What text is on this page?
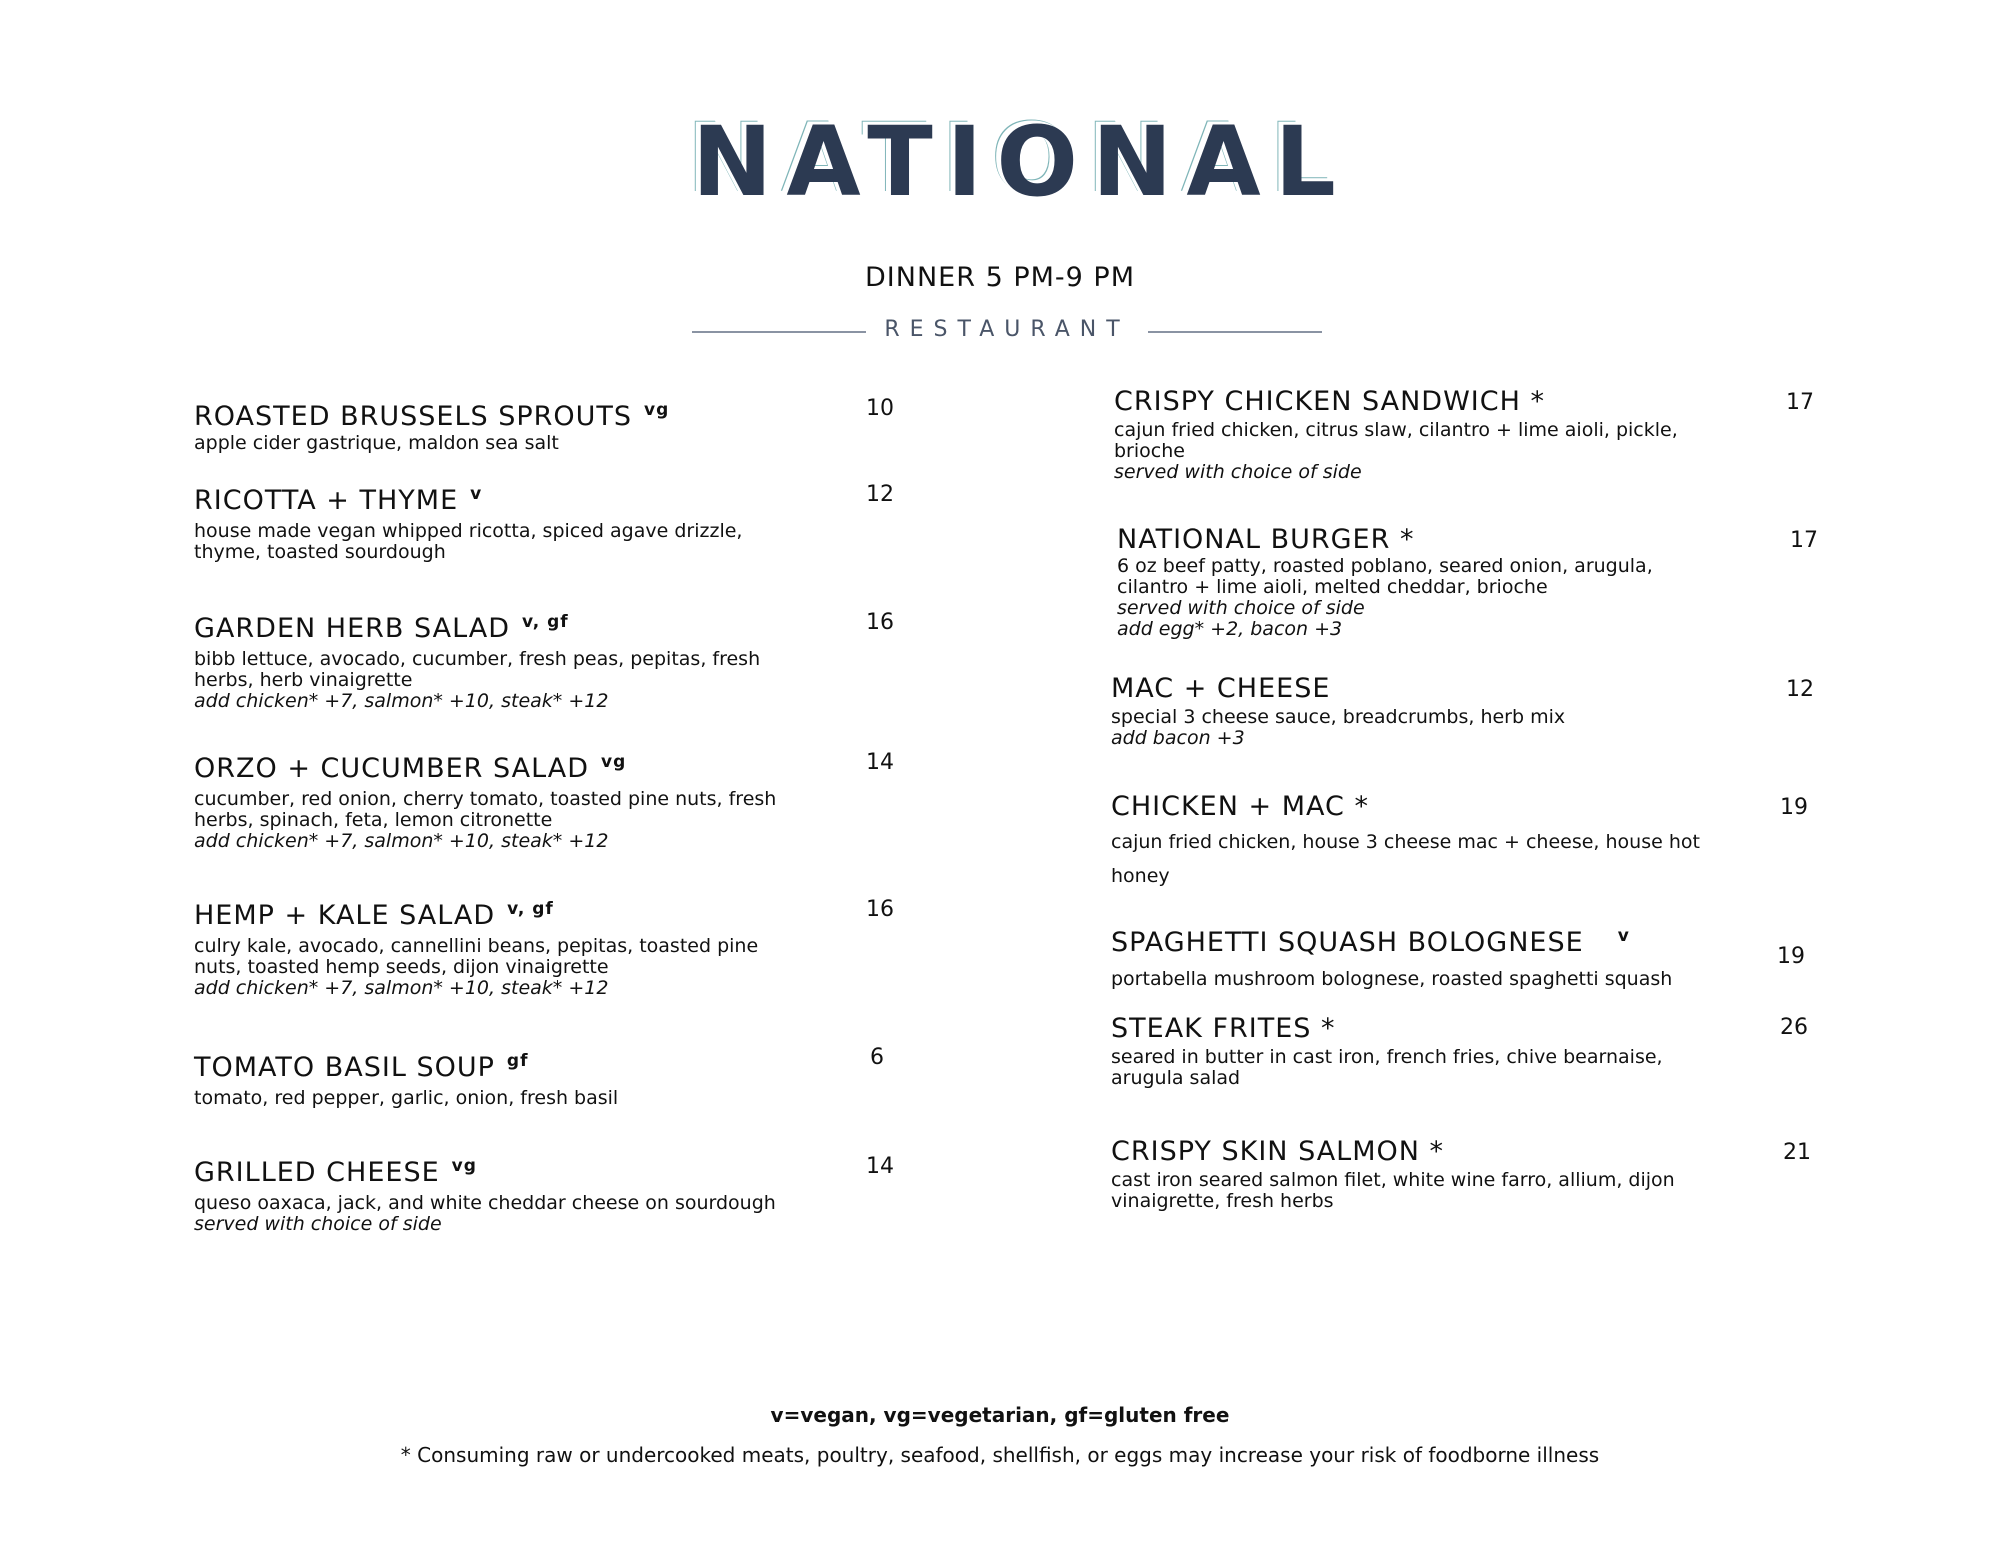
NATIONAL
RESTAURANT
DINNER 5 PM-9 PM
ROASTED BRUSSELS SPROUTS $^{vg}$
apple cider gastrique, maldon sea salt
10
RICOTTA + THYME $^v$
house made vegan whipped ricotta, spiced agave drizzle,
thyme, toasted sourdough
12
GARDEN HERB SALAD $^{v, gf}$
bibb lettuce, avocado, cucumber, fresh peas, pepitas, fresh
herbs, herb vinaigrette
add chicken* +7, salmon* +10, steak* +12
16
ORZO + CUCUMBER SALAD $^{vg}$
cucumber, red onion, cherry tomato, toasted pine nuts, fresh
herbs, spinach, feta, lemon citronette
add chicken* +7, salmon* +10, steak* +12
14
HEMP + KALE SALAD $^{v, gf}$
culry kale, avocado, cannellini beans, pepitas, toasted pine
nuts, toasted hemp seeds, dijon vinaigrette
add chicken* +7, salmon* +10, steak* +12
16
TOMATO BASIL SOUP $^{gf}$
tomato, red pepper, garlic, onion, fresh basil
6
GRILLED CHEESE $^{vg}$
queso oaxaca, jack, and white cheddar cheese on sourdough
served with choice of side
14
CRISPY CHICKEN SANDWICH *
cajun fried chicken, citrus slaw, cilantro + lime aioli, pickle,
brioche
served with choice of side
17
NATIONAL BURGER *
6 oz beef patty, roasted poblano, seared onion, arugula,
cilantro + lime aioli, melted cheddar, brioche
served with choice of side
add egg* +2, bacon +3
17
MAC + CHEESE
special 3 cheese sauce, breadcrumbs, herb mix
add bacon +3
12
CHICKEN + MAC *
cajun fried chicken, house 3 cheese mac + cheese, house hot
honey
19
SPAGHETTI SQUASH BOLOGNESE $^v$
portabella mushroom bolognese, roasted spaghetti squash
19
STEAK FRITES *
seared in butter in cast iron, french fries, chive bearnaise,
arugula salad
26
CRISPY SKIN SALMON *
cast iron seared salmon filet, white wine farro, allium, dijon
vinaigrette, fresh herbs
21
v=vegan, vg=vegetarian, gf=gluten free
* Consuming raw or undercooked meats, poultry, seafood, shellfish, or eggs may increase your risk of foodborne illness
